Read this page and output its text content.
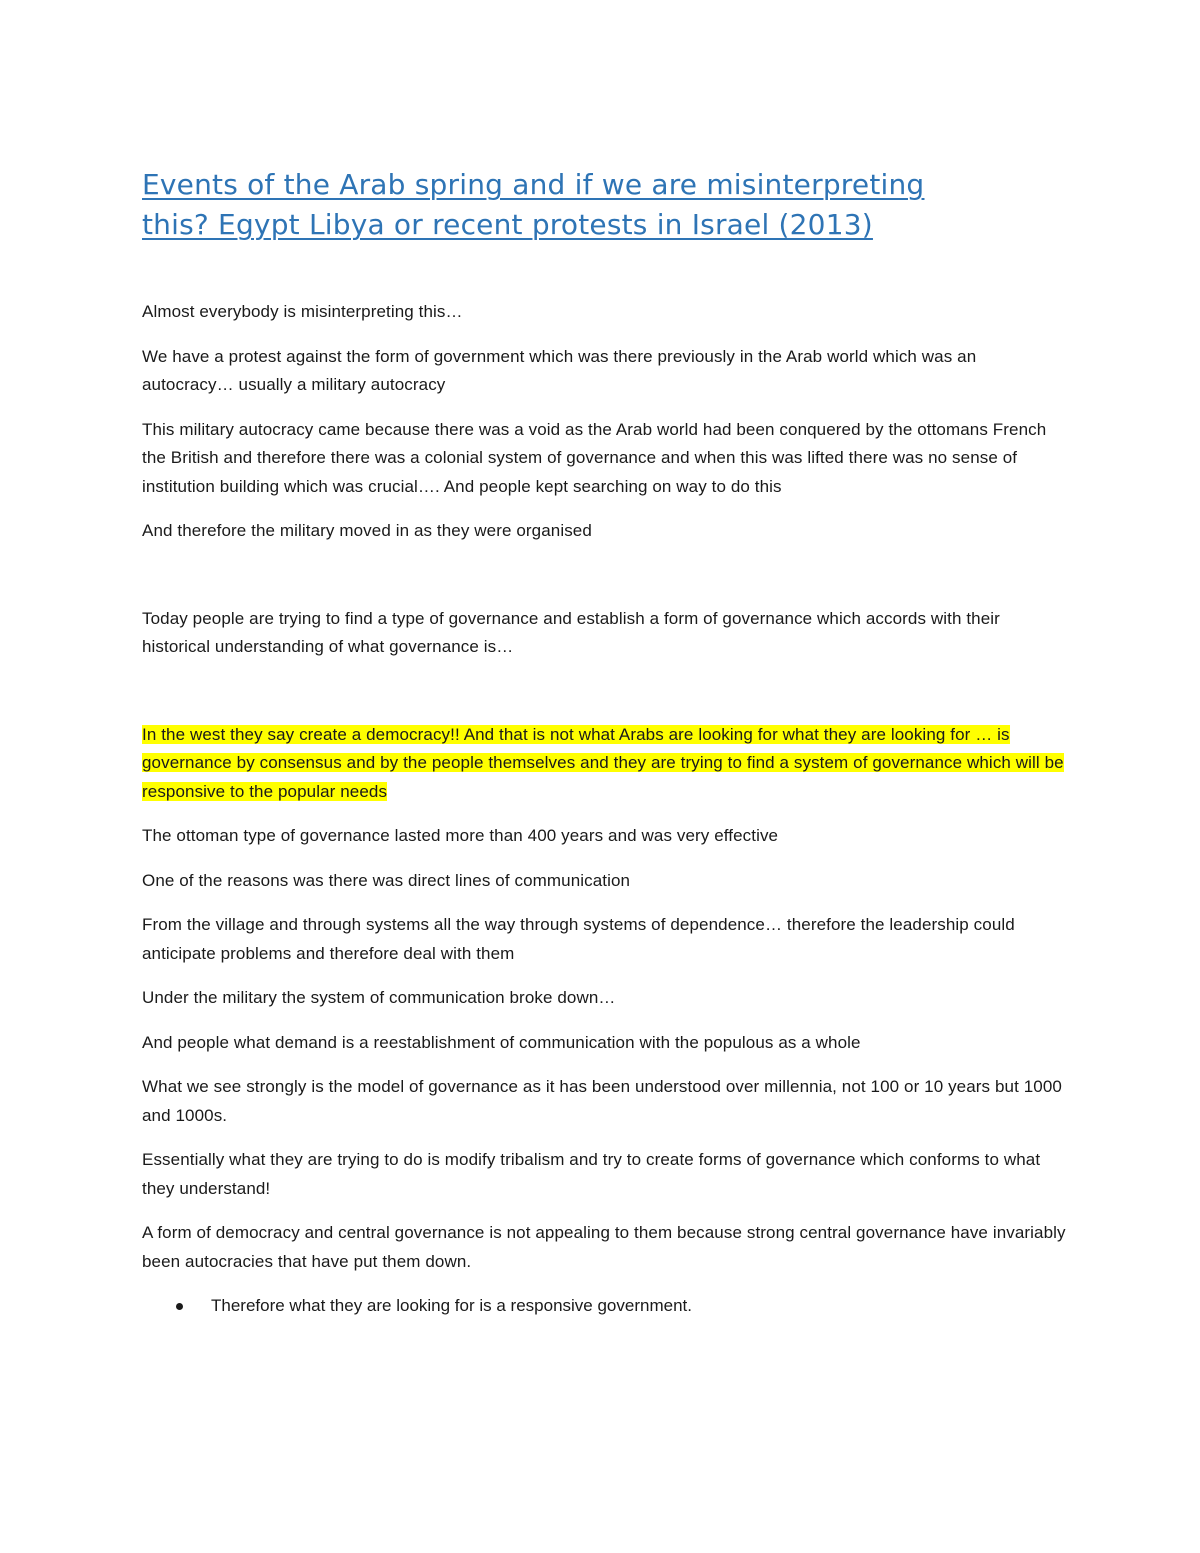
Events of the Arab spring and if we are misinterpreting
this? Egypt Libya or recent protests in Israel (2013)

Almost everybody is misinterpreting this…

We have a protest against the form of government which was there previously in the Arab world which was an autocracy… usually a military autocracy

This military autocracy came because there was a void as the Arab world had been conquered by the ottomans French the British and therefore there was a colonial system of governance and when this was lifted there was no sense of institution building which was crucial…. And people kept searching on way to do this

And therefore the military moved in as they were organised

Today people are trying to find a type of governance and establish a form of governance which accords with their historical understanding of what governance is…

In the west they say create a democracy!! And that is not what Arabs are looking for what they are looking for … is governance by consensus and by the people themselves and they are trying to find a system of governance which will be responsive to the popular needs

The ottoman type of governance lasted more than 400 years and was very effective

One of the reasons was there was direct lines of communication

From the village and through systems all the way through systems of dependence… therefore the leadership could anticipate problems and therefore deal with them

Under the military the system of communication broke down…

And people what demand is a reestablishment of communication with the populous as a whole

What we see strongly is the model of governance as it has been understood over millennia, not 100 or 10 years but 1000 and 1000s.

Essentially what they are trying to do is modify tribalism and try to create forms of governance which conforms to what they understand!

A form of democracy and central governance is not appealing to them because strong central governance have invariably been autocracies that have put them down.

Therefore what they are looking for is a responsive government.
